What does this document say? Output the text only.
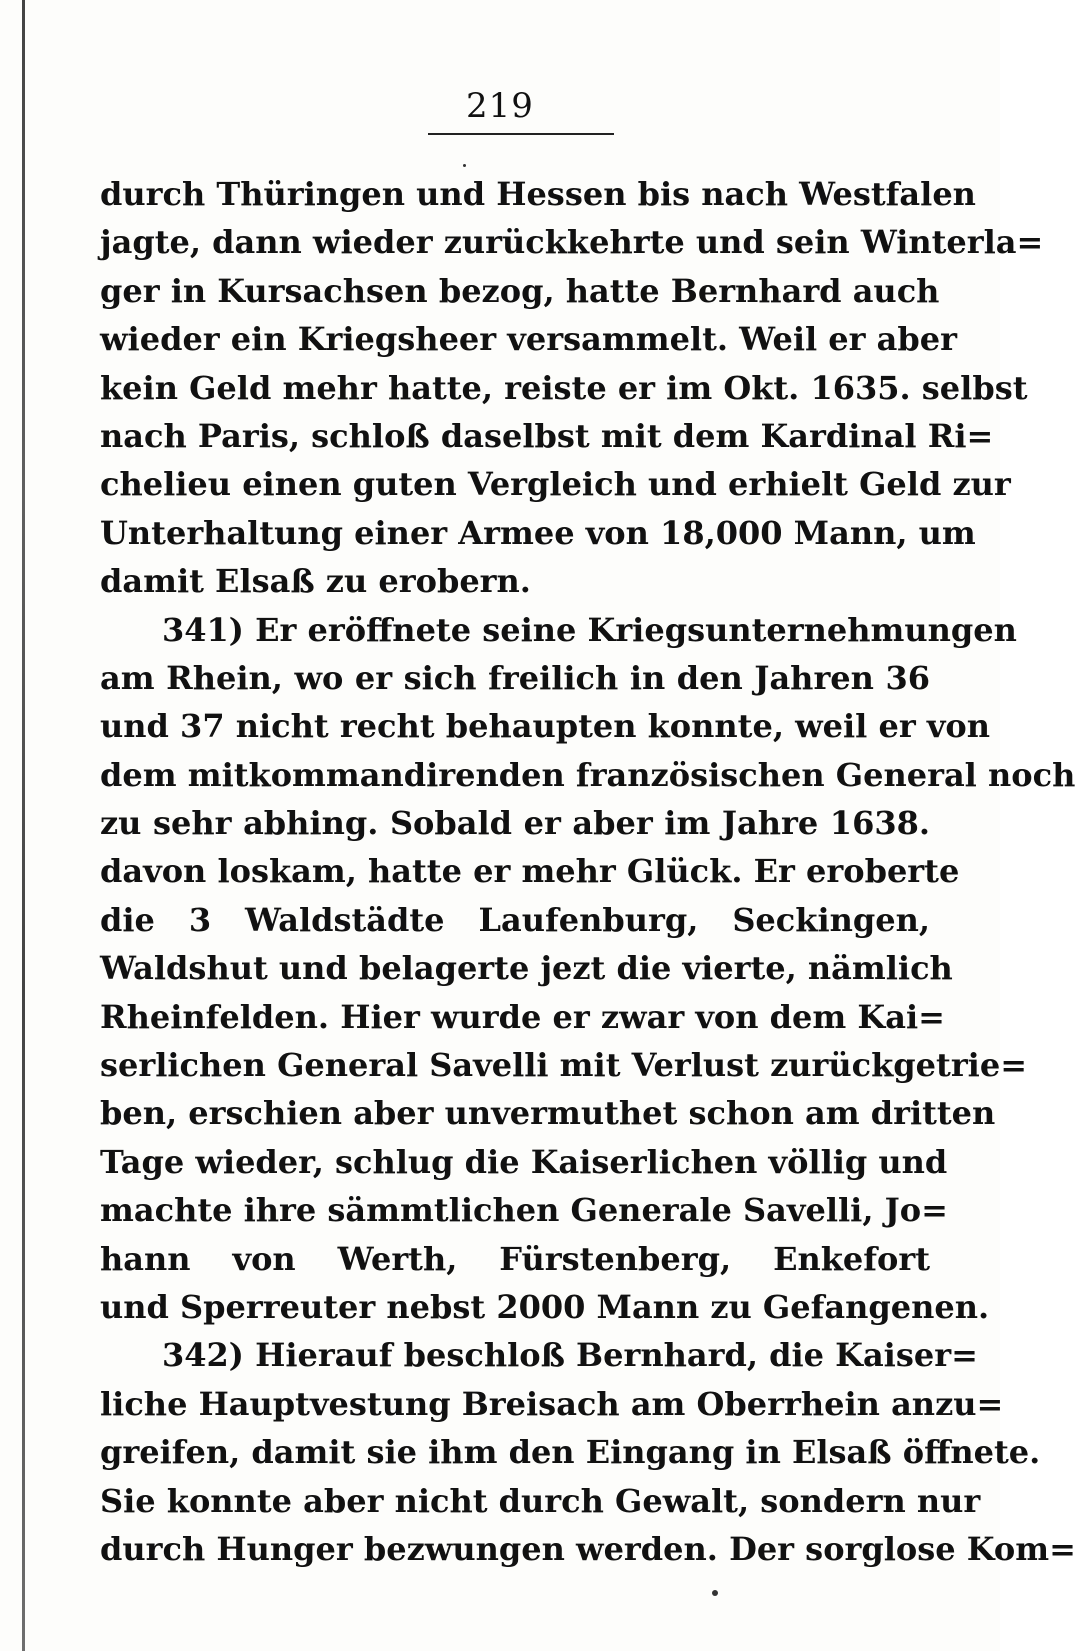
219
durch Thüringen und Hessen bis nach Westfalen
jagte, dann wieder zurückkehrte und sein Winterla=
ger in Kursachsen bezog, hatte Bernhard auch
wieder ein Kriegsheer versammelt. Weil er aber
kein Geld mehr hatte, reiste er im Okt. 1635. selbst
nach Paris, schloß daselbst mit dem Kardinal Ri=
chelieu einen guten Vergleich und erhielt Geld zur
Unterhaltung einer Armee von 18,000 Mann, um
damit Elsaß zu erobern.
341) Er eröffnete seine Kriegsunternehmungen
am Rhein, wo er sich freilich in den Jahren 36
und 37 nicht recht behaupten konnte, weil er von
dem mitkommandirenden französischen General noch
zu sehr abhing. Sobald er aber im Jahre 1638.
davon loskam, hatte er mehr Glück. Er eroberte
die 3 Waldstädte Laufenburg, Seckingen,
Waldshut und belagerte jezt die vierte, nämlich
Rheinfelden. Hier wurde er zwar von dem Kai=
serlichen General Savelli mit Verlust zurückgetrie=
ben, erschien aber unvermuthet schon am dritten
Tage wieder, schlug die Kaiserlichen völlig und
machte ihre sämmtlichen Generale Savelli, Jo=
hann von Werth, Fürstenberg, Enkefort
und Sperreuter nebst 2000 Mann zu Gefangenen.
342) Hierauf beschloß Bernhard, die Kaiser=
liche Hauptvestung Breisach am Oberrhein anzu=
greifen, damit sie ihm den Eingang in Elsaß öffnete.
Sie konnte aber nicht durch Gewalt, sondern nur
durch Hunger bezwungen werden. Der sorglose Kom=
